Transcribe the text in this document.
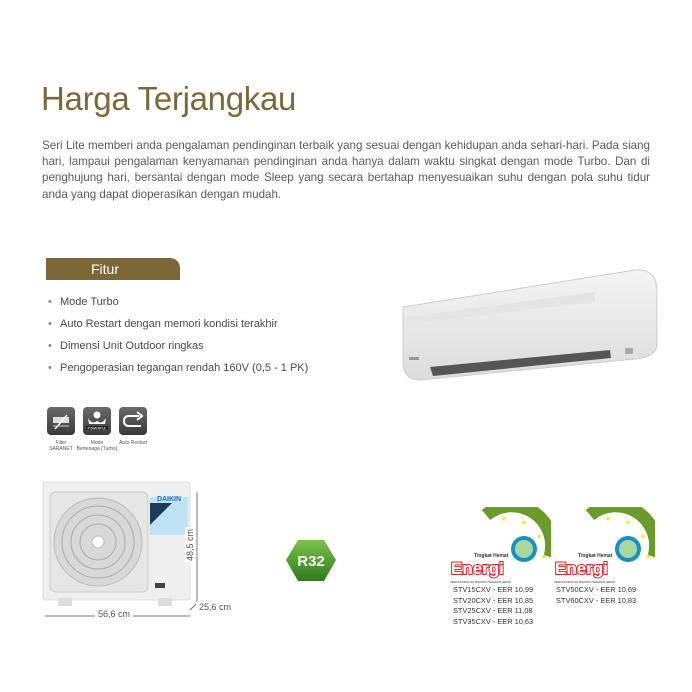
Harga Terjangkau
Seri Lite memberi anda pengalaman pendinginan terbaik yang sesuai dengan kehidupan anda sehari-hari. Pada siang hari, lampaui pengalaman kenyamanan pendinginan anda hanya dalam waktu singkat dengan mode Turbo. Dan di penghujung hari, bersantai dengan mode Sleep yang secara bertahap menyesuaikan suhu dengan pola suhu tidur anda yang dapat dioperasikan dengan mudah.
Fitur
• Mode Turbo
• Auto Restart dengan memori kondisi terakhir
• Dimensi Unit Outdoor ringkas
• Pengoperasian tegangan rendah 160V (0,5 - 1 PK)
POWERFUL
Filter
SARANET
Mode
Bertenaga (Turbo)
Auto Restart
DAIKIN
48,5 cm
56,6 cm
25,6 cm
R32
★ ★
★
★
Tingkat Hemat
Energi
SEMAKIN BANYAK BINTANG SEMAKIN HEMAT
★ ★
★
★
Tingkat Hemat
Energi
SEMAKIN BANYAK BINTANG SEMAKIN HEMAT
STV15CXV - EER 10,99
STV20CXV - EER 10,85
STV25CXV - EER 11,08
STV35CXV - EER 10,63
STV50CXV - EER 10,69
STV60CXV - EER 10,83
